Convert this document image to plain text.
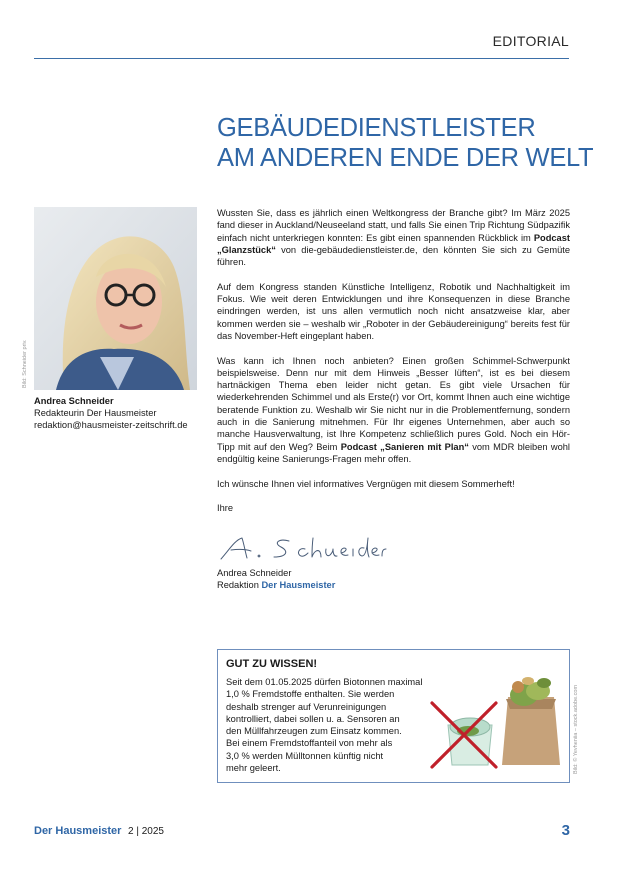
EDITORIAL
GEBÄUDEDIENSTLEISTER
AM ANDEREN ENDE DER WELT
Bild: Schneider priv.
Andrea Schneider
Redakteurin Der Hausmeister
redaktion@hausmeister-zeitschrift.de

Wussten Sie, dass es jährlich einen Weltkongress der Branche gibt? Im März 2025 fand dieser in Auckland/Neuseeland statt, und falls Sie einen Trip Richtung Südpazifik einfach nicht unterkriegen konnten: Es gibt einen spannenden Rückblick im Podcast „Glanzstück“ von die-gebäudedienstleister.de, den könnten Sie sich zu Gemüte führen.

Auf dem Kongress standen Künstliche Intelligenz, Robotik und Nachhaltigkeit im Fokus. Wie weit deren Entwicklungen und ihre Konsequenzen in diese Branche eindringen werden, ist uns allen vermutlich noch nicht ansatzweise klar, aber kommen werden sie – weshalb wir „Roboter in der Gebäudereinigung“ bereits fest für das November-Heft eingeplant haben.

Was kann ich Ihnen noch anbieten? Einen großen Schimmel-Schwerpunkt beispielsweise. Denn nur mit dem Hinweis „Besser lüften“, ist es bei diesem hartnäckigen Thema eben leider nicht getan. Es gibt viele Ursachen für wiederkehrenden Schimmel und als Erste(r) vor Ort, kommt Ihnen auch eine wichtige beratende Funktion zu. Weshalb wir Sie nicht nur in die Problementfernung, sondern auch in die Sanierung mitnehmen. Für Ihr eigenes Unternehmen, aber auch so manche Hausverwaltung, ist Ihre Kompetenz schließlich pures Gold. Noch ein Hör-Tipp mit auf den Weg? Beim Podcast „Sanieren mit Plan“ vom MDR bleiben wohl endgültig keine Sanierungs-Fragen mehr offen.

Ich wünsche Ihnen viel informatives Vergnügen mit diesem Sommerheft!

Ihre

A. Schneider
Andrea Schneider
Redaktion Der Hausmeister
GUT ZU WISSEN!
Seit dem 01.05.2025 dürfen Biotonnen maximal
1,0 % Fremdstoffe enthalten. Sie werden
deshalb strenger auf Verunreinigungen
kontrolliert, dabei sollen u. a. Sensoren an
den Müllfahrzeugen zum Einsatz kommen.
Bei einem Fremdstoffanteil von mehr als
3,0 % werden Mülltonnen künftig nicht
mehr geleert.	Bild: © Yevheniia – stock.adobe.com
Der Hausmeister 2 | 2025	3
